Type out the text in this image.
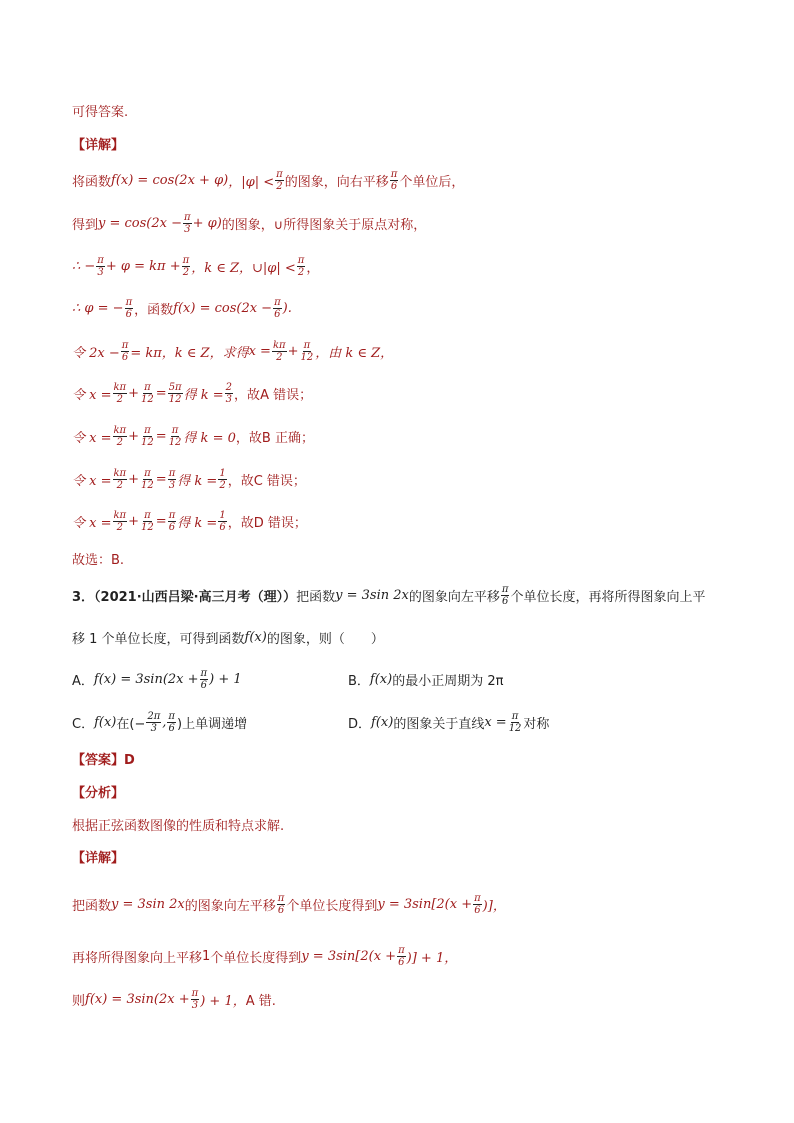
可得答案.
【详解】
将函数 f(x) = cos(2x + φ) ，$|\varphi| < \frac{\pi}{2}$ 的图象，向右平移 $\frac{\pi}{6}$ 个单位后，
得到 $y = \cos(2x - \frac{\pi}{3} + \varphi)$ 的图象，∪所得图象关于原点对称，
∴ − $\frac{\pi}{3} + \varphi = k\pi + \frac{\pi}{2}$ ，k ∈ Z，∪|φ| < $\frac{\pi}{2}$ ，
∴ φ = − $\frac{\pi}{6}$ ，函数 $f(x) = \cos(2x - \frac{\pi}{6}$ ).
令 $2x - \frac{\pi}{6} = k\pi$，k ∈ Z，求得 $x = \frac{k\pi}{2} + \frac{\pi}{12}$ ，由 k ∈ Z，
令 $x = \frac{k\pi}{2} + \frac{\pi}{12} = \frac{5\pi}{12}$ 得 $k = \frac{2}{3}$ ，故 A 错误；
令 $x = \frac{k\pi}{2} + \frac{\pi}{12} = \frac{\pi}{12}$ 得 k = 0 ，故 B 正确；
令 $x = \frac{k\pi}{2} + \frac{\pi}{12} = \frac{\pi}{3}$ 得 $k = \frac{1}{2}$ ，故 C 错误；
令 $x = \frac{k\pi}{2} + \frac{\pi}{12} = \frac{\pi}{6}$ 得 $k = \frac{1}{6}$ ，故 D 错误；
故选：B.
3．（2021·山西吕梁·高三月考（理）） 把函数 y = 3sin 2x 的图象向左平移 $\frac{\pi}{6}$ 个单位长度，再将所得图象向上平
移 1 个单位长度，可得到函数 f(x) 的图象，则（　　）
A． $f(x) = 3\sin(2x + \frac{\pi}{6}$ ) + 1	B． f(x) 的最小正周期为 2π
C． f(x) 在(− $\frac{2\pi}{3}$ , $\frac{\pi}{6}$ )上单调递增	D． f(x) 的图象关于直线 $x = \frac{\pi}{12}$ 对称
【答案】D
【分析】
根据正弦函数图像的性质和特点求解.
【详解】
把函数 y = 3sin 2x 的图象向左平移 $\frac{\pi}{6}$ 个单位长度得到 $y = 3\sin[2(x + \frac{\pi}{6}$ )]，
再将所得图象向上平移 1 个单位长度得到 $y = 3\sin[2(x + \frac{\pi}{6}$ )] + 1，
则 $f(x) = 3\sin(2x + \frac{\pi}{3}$ ) + 1， A 错.
